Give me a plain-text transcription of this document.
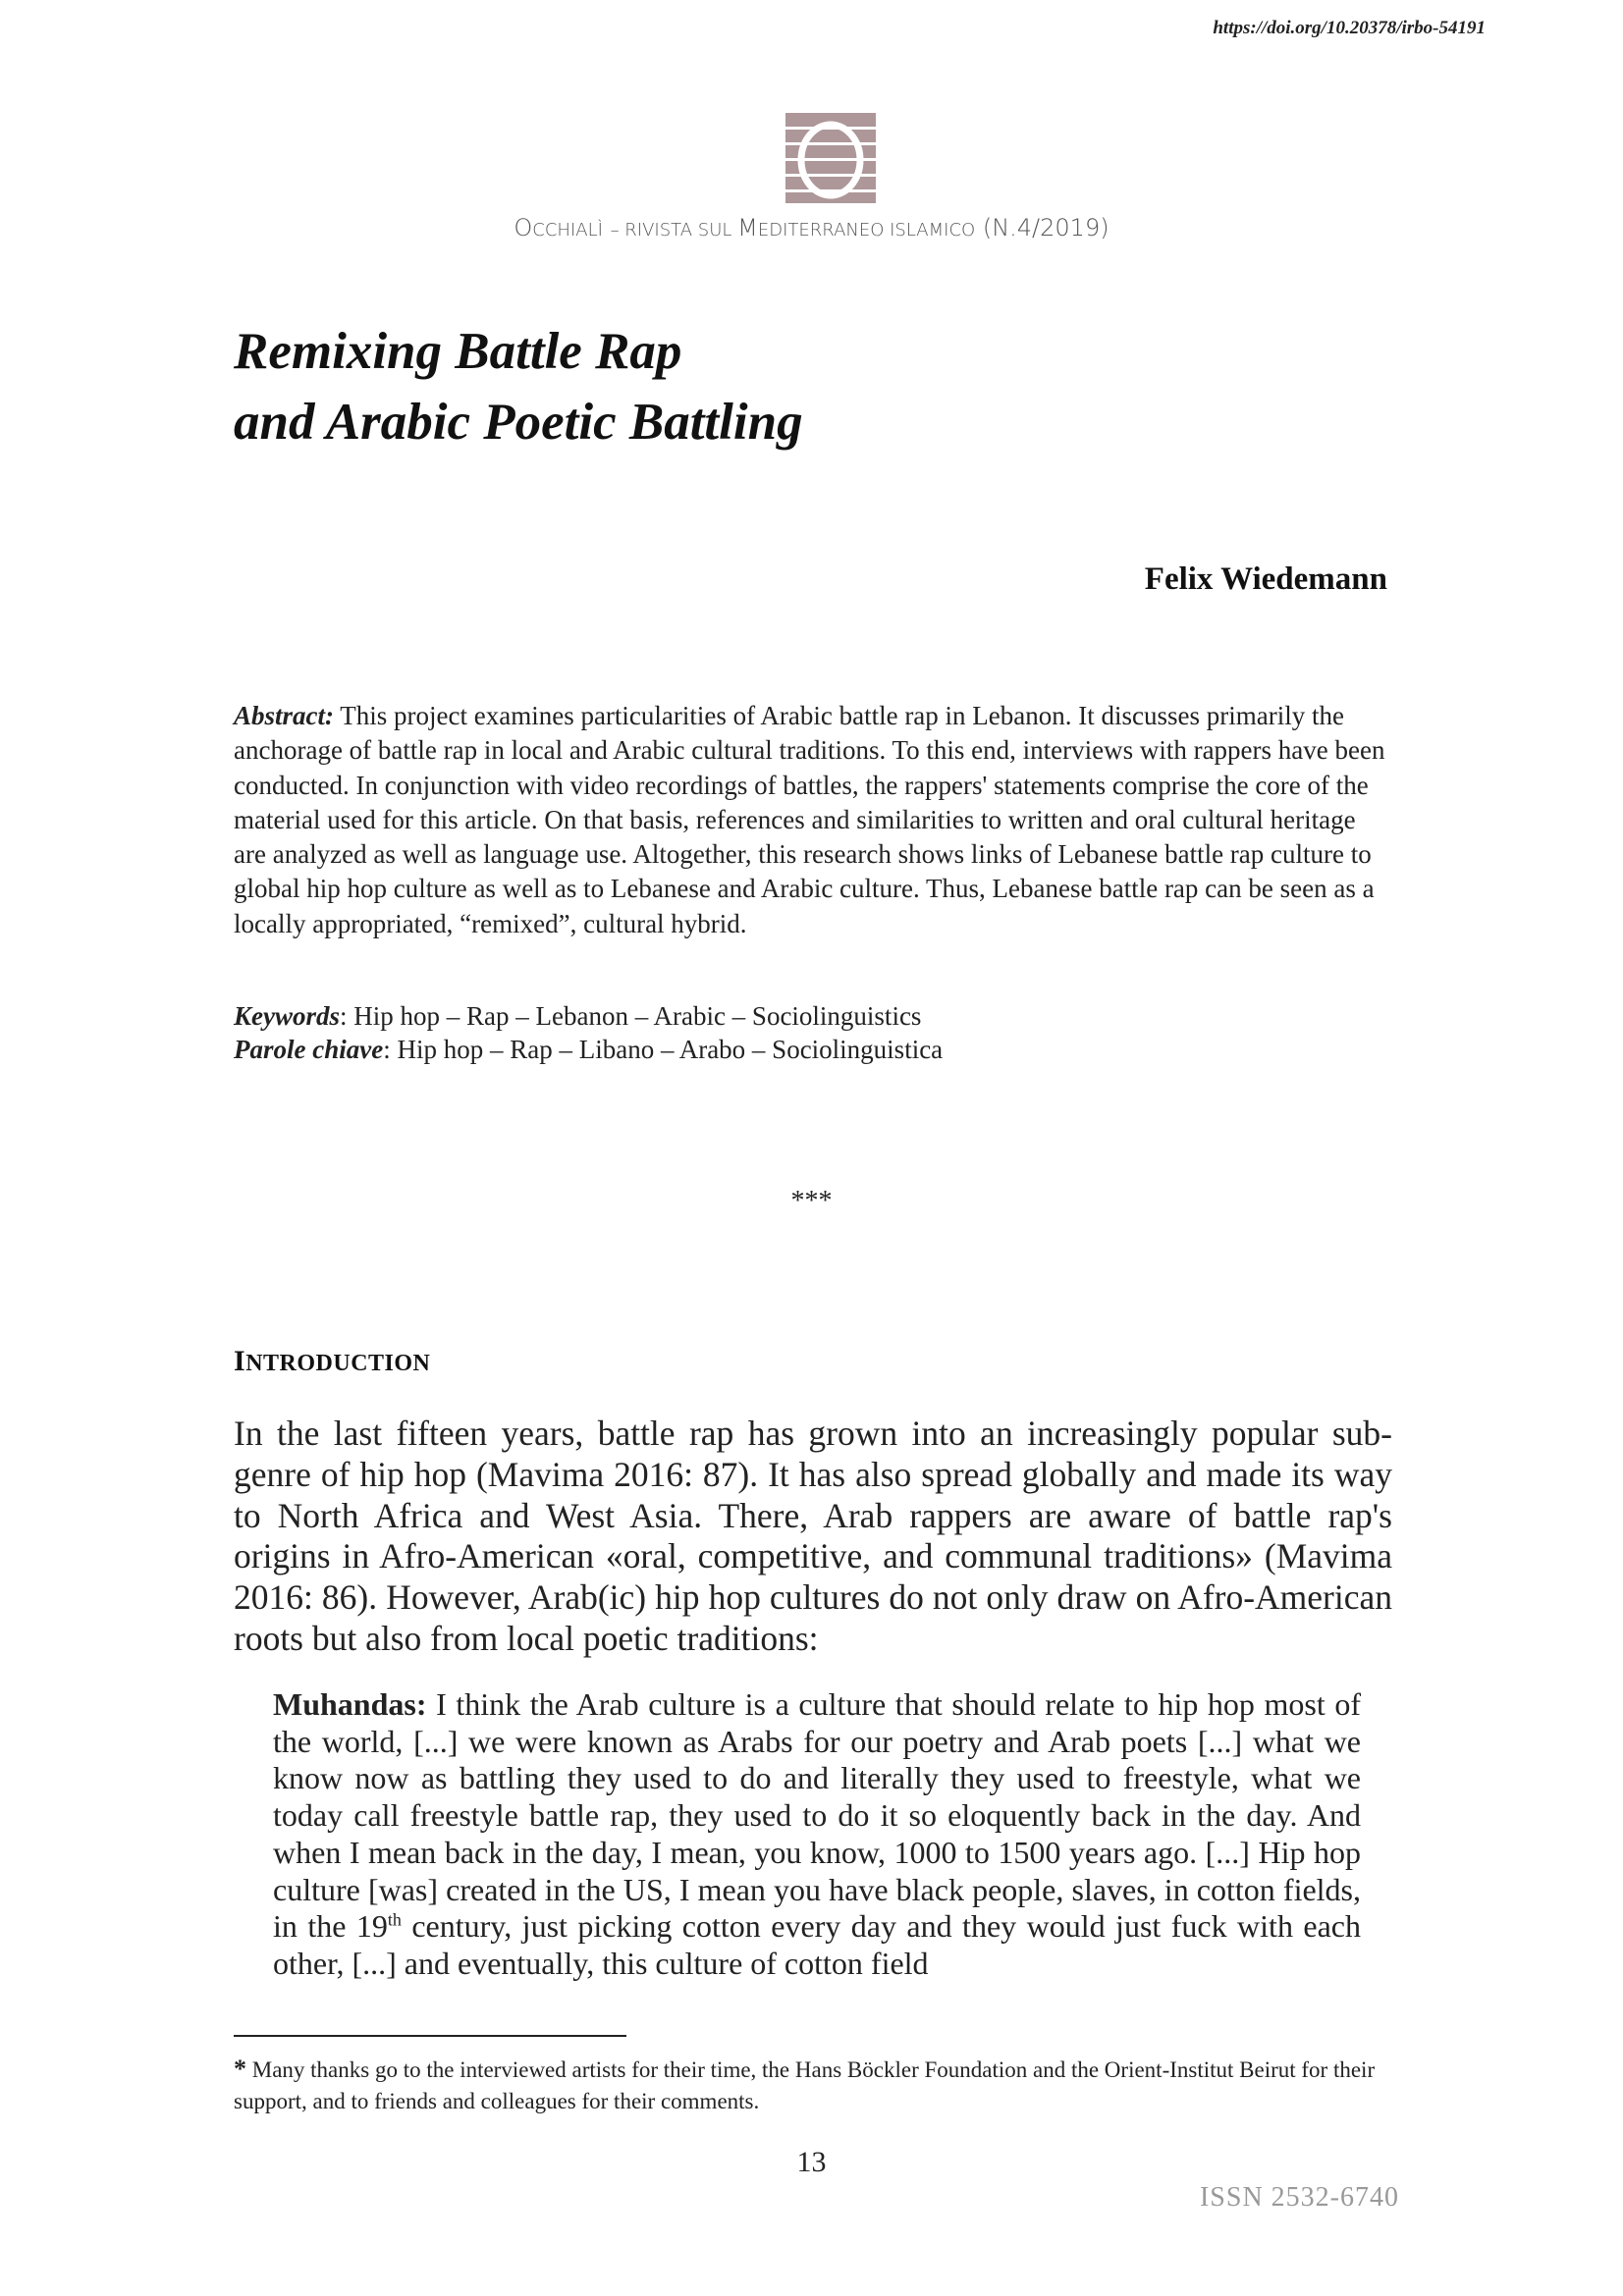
https://doi.org/10.20378/irbo-54191
OCCHIALÌ – RIVISTA SUL MEDITERRANEO ISLAMICO (N.4/2019)
Remixing Battle Rap
and Arabic Poetic Battling
Felix Wiedemann
Abstract: This project examines particularities of Arabic battle rap in Lebanon. It discusses primarily the anchorage of battle rap in local and Arabic cultural traditions. To this end, interviews with rappers have been conducted. In conjunction with video recordings of battles, the rappers' statements comprise the core of the material used for this article. On that basis, references and similarities to written and oral cultural heritage are analyzed as well as language use. Altogether, this research shows links of Lebanese battle rap culture to global hip hop culture as well as to Lebanese and Arabic culture. Thus, Lebanese battle rap can be seen as a locally appropriated, “remixed”, cultural hybrid.
Keywords: Hip hop – Rap – Lebanon – Arabic – Sociolinguistics
Parole chiave: Hip hop – Rap – Libano – Arabo – Sociolinguistica
***
INTRODUCTION
In the last fifteen years, battle rap has grown into an increasingly popular sub-genre of hip hop (Mavima 2016: 87). It has also spread globally and made its way to North Africa and West Asia. There, Arab rappers are aware of battle rap's origins in Afro-American «oral, competitive, and communal traditions» (Mavima 2016: 86). However, Arab(ic) hip hop cultures do not only draw on Afro-American roots but also from local poetic traditions:
Muhandas: I think the Arab culture is a culture that should relate to hip hop most of the world, [...] we were known as Arabs for our poetry and Arab poets [...] what we know now as battling they used to do and literally they used to freestyle, what we today call freestyle battle rap, they used to do it so eloquently back in the day. And when I mean back in the day, I mean, you know, 1000 to 1500 years ago. [...] Hip hop culture [was] created in the US, I mean you have black people, slaves, in cotton fields, in the 19th century, just picking cotton every day and they would just fuck with each other, [...] and eventually, this culture of cotton field
* Many thanks go to the interviewed artists for their time, the Hans Böckler Foundation and the Orient-Institut Beirut for their support, and to friends and colleagues for their comments.
13
ISSN 2532-6740
